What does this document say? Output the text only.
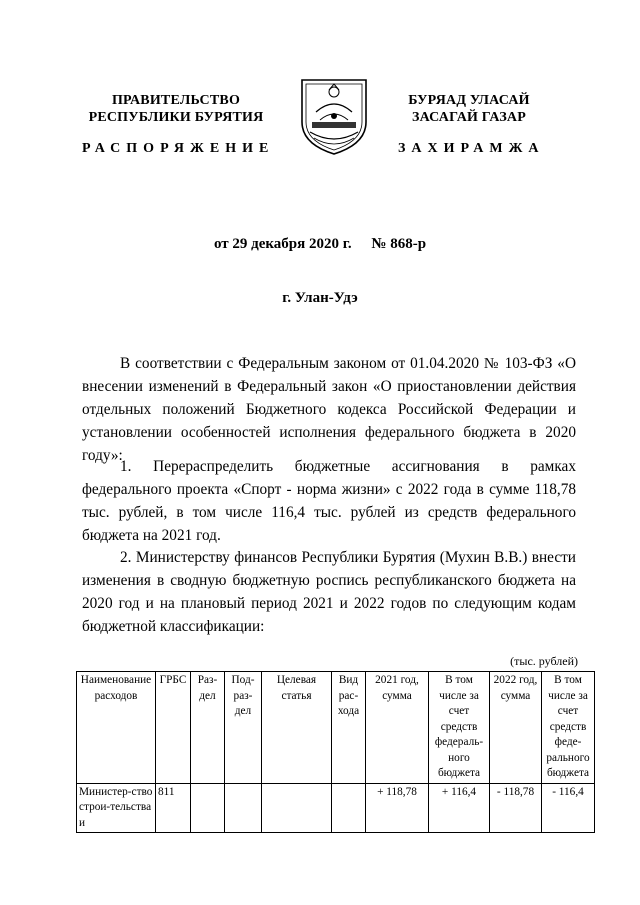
ПРАВИТЕЛЬСТВО
РЕСПУБЛИКИ БУРЯТИЯ
БУРЯАД УЛАСАЙ
ЗАСАГАЙ ГАЗАР
РАСПОРЯЖЕНИЕ	ЗАХИРАМЖА
от 29 декабря 2020 г. № 868-р
г. Улан-Удэ
В соответствии с Федеральным законом от 01.04.2020 № 103-ФЗ «О внесении изменений в Федеральный закон «О приостановлении действия отдельных положений Бюджетного кодекса Российской Федерации и установлении особенностей исполнения федерального бюджета в 2020 году»:
1. Перераспределить бюджетные ассигнования в рамках федерального проекта «Спорт - норма жизни» с 2022 года в сумме 118,78 тыс. рублей, в том числе 116,4 тыс. рублей из средств федерального бюджета на 2021 год.
2. Министерству финансов Республики Бурятия (Мухин В.В.) внести изменения в сводную бюджетную роспись республиканского бюджета на 2020 год и на плановый период 2021 и 2022 годов по следующим кодам бюджетной классификации:
(тыс. рублей)
Наименование расходов	ГРБС	Раз-дел	Под-раз-дел	Целевая статья	Вид рас-хода	2021 год, сумма	В том числе за счет средств федераль-ного бюджета	2022 год, сумма	В том числе за счет средств феде-рального бюджета
Министер-ство строи-тельства и	811					+ 118,78	+ 116,4	- 118,78	- 116,4
